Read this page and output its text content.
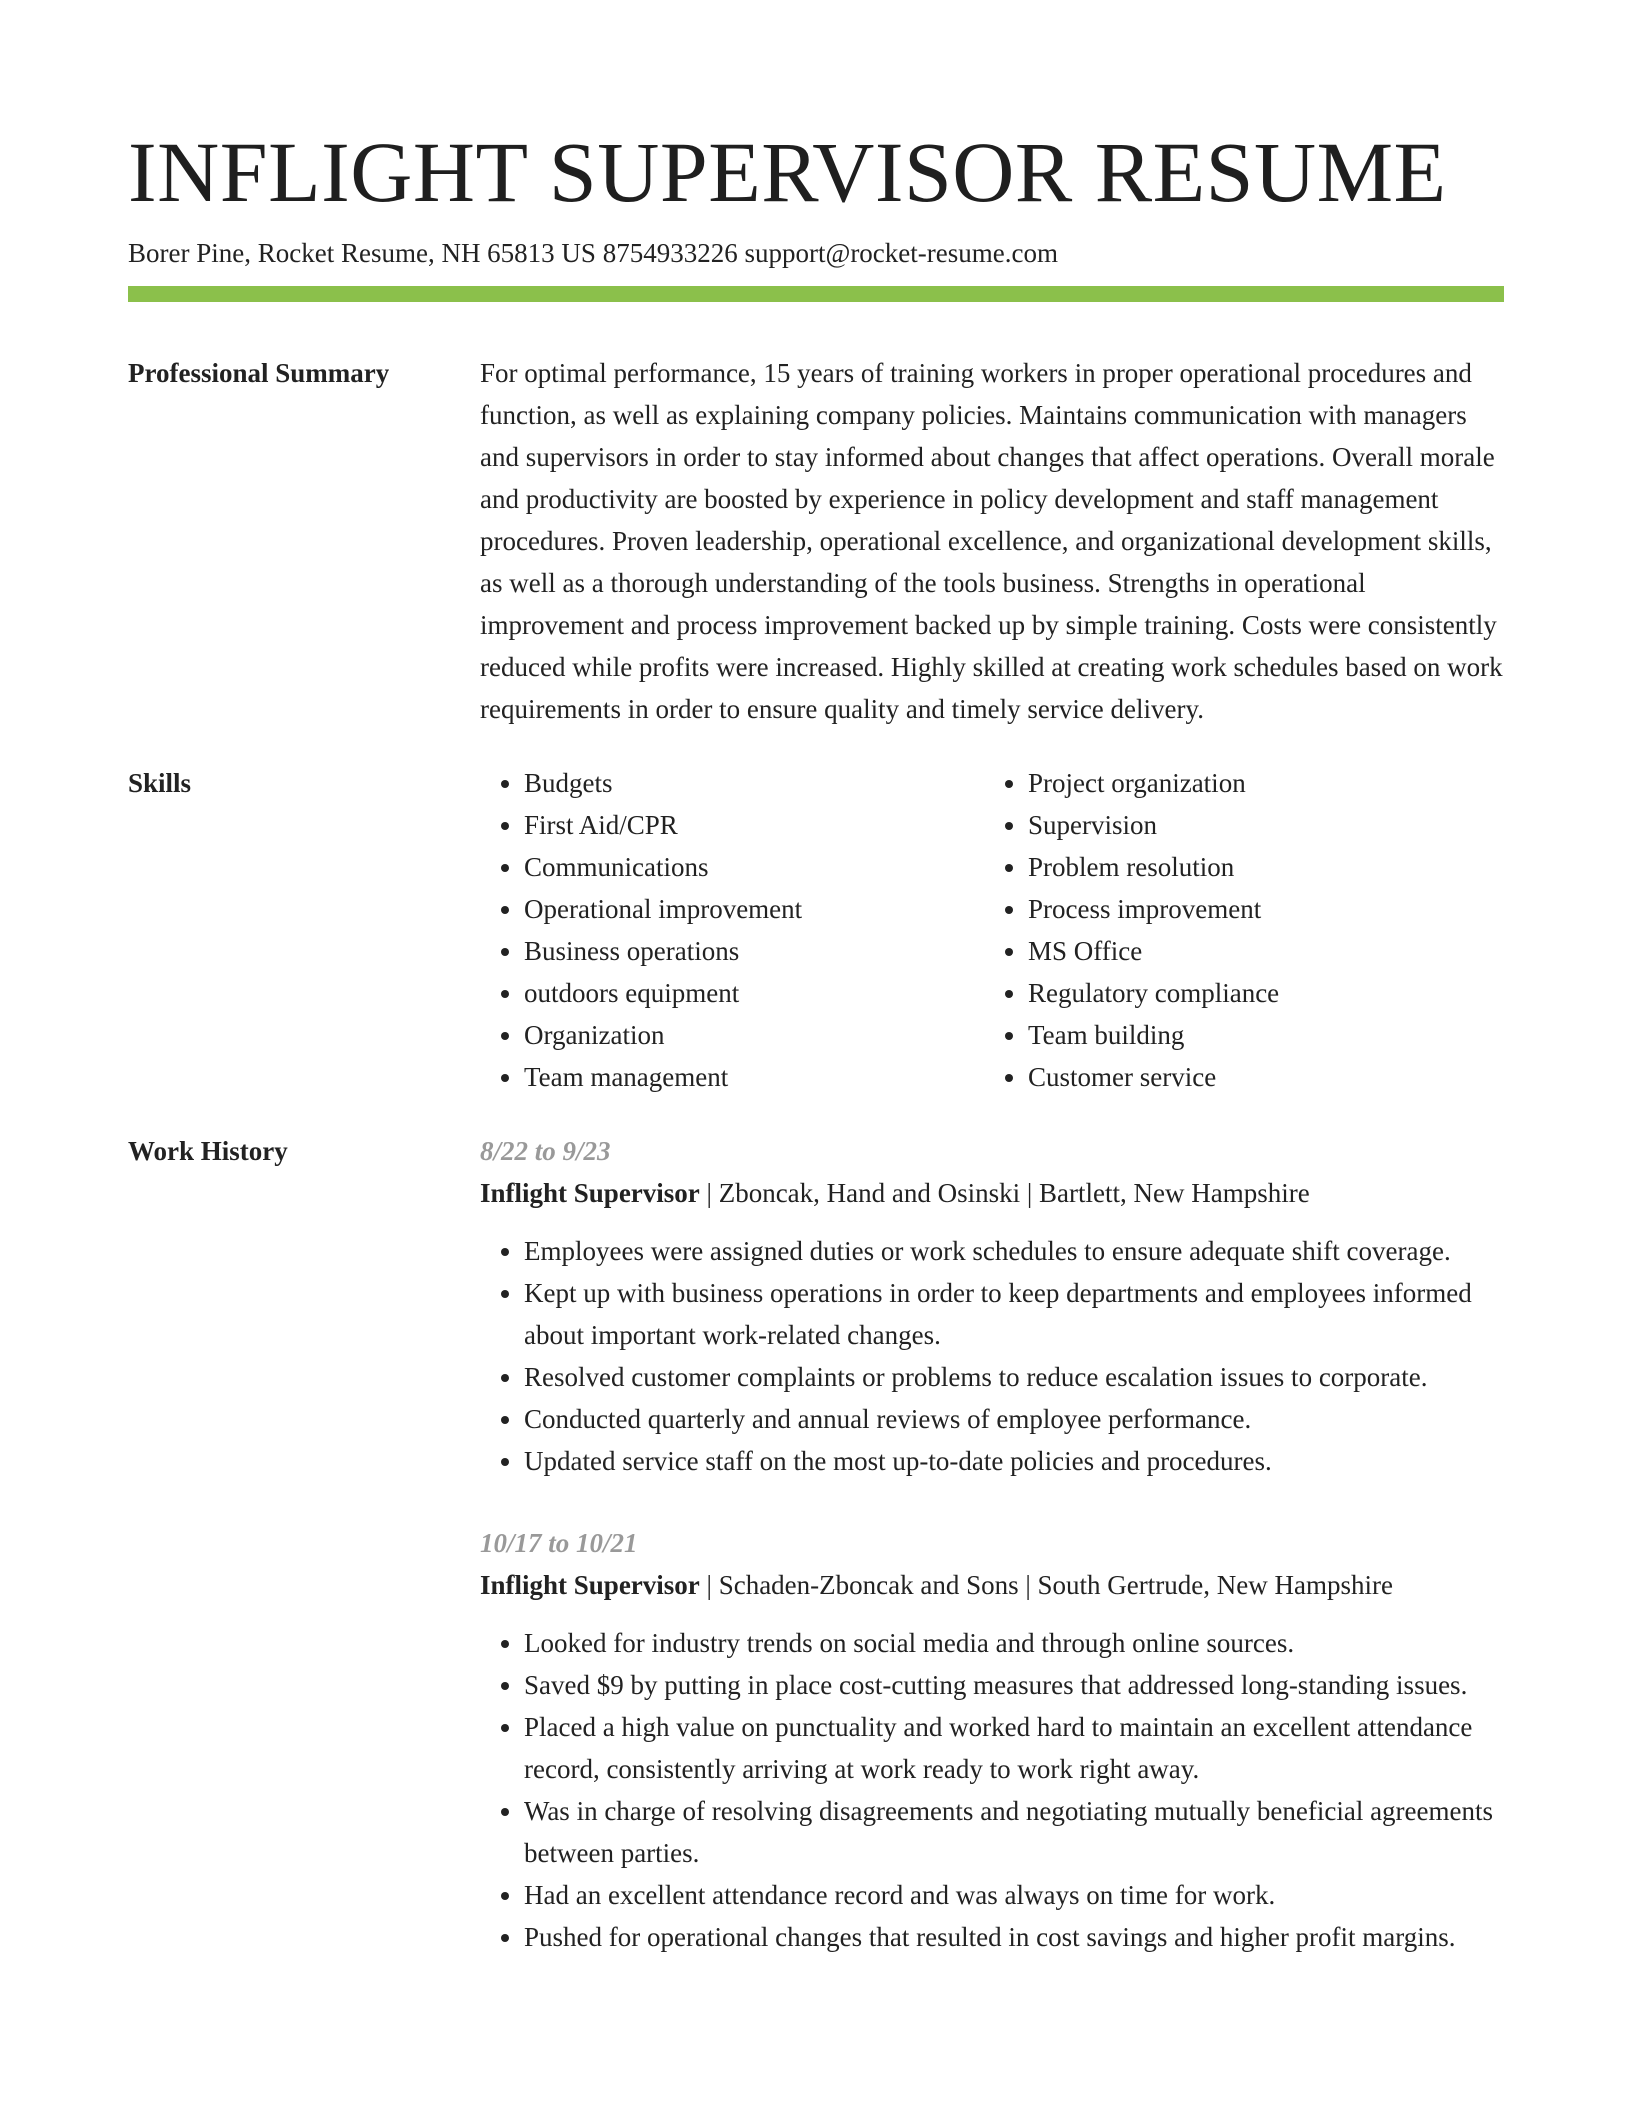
INFLIGHT SUPERVISOR RESUME
Borer Pine, Rocket Resume, NH 65813 US 8754933226 support@rocket-resume.com
Professional Summary	For optimal performance, 15 years of training workers in proper operational procedures and function, as well as explaining company policies. Maintains communication with managers and supervisors in order to stay informed about changes that affect operations. Overall morale and productivity are boosted by experience in policy development and staff management procedures. Proven leadership, operational excellence, and organizational development skills, as well as a thorough understanding of the tools business. Strengths in operational improvement and process improvement backed up by simple training. Costs were consistently reduced while profits were increased. Highly skilled at creating work schedules based on work requirements in order to ensure quality and timely service delivery.

Skills
•	Budgets
• First Aid/CPR
• Communications
• Operational improvement
• Business operations
• outdoors equipment
• Organization
• Team management
• Project organization
• Supervision
• Problem resolution
• Process improvement
• MS Office
• Regulatory compliance
• Team building
• Customer service
Work History	8/22 to 9/23
Inflight Supervisor | Zboncak, Hand and Osinski | Bartlett, New Hampshire
• Employees were assigned duties or work schedules to ensure adequate shift coverage.
• Kept up with business operations in order to keep departments and employees informed about important work-related changes.
• Resolved customer complaints or problems to reduce escalation issues to corporate.
• Conducted quarterly and annual reviews of employee performance.
• Updated service staff on the most up-to-date policies and procedures.
10/17 to 10/21
Inflight Supervisor | Schaden-Zboncak and Sons | South Gertrude, New Hampshire
• Looked for industry trends on social media and through online sources.
• Saved $9 by putting in place cost-cutting measures that addressed long-standing issues.
• Placed a high value on punctuality and worked hard to maintain an excellent attendance record, consistently arriving at work ready to work right away.
• Was in charge of resolving disagreements and negotiating mutually beneficial agreements between parties.
• Had an excellent attendance record and was always on time for work.
• Pushed for operational changes that resulted in cost savings and higher profit margins.
